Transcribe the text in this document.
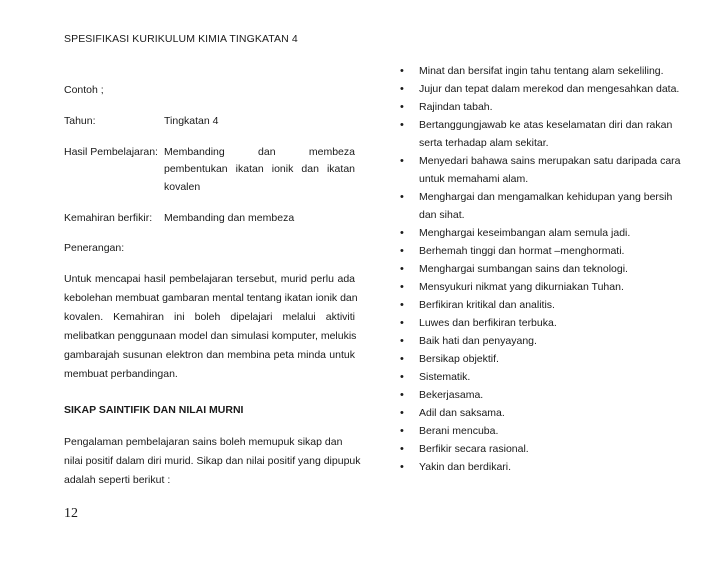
SPESIFIKASI KURIKULUM KIMIA TINGKATAN 4
Contoh ;
Tahun:	Tingkatan 4
Hasil Pembelajaran: Membanding dan membeza
pembentukan ikatan ionik dan ikatan
kovalen
Kemahiran berfikir: Membanding dan membeza
Penerangan:
Untuk mencapai hasil pembelajaran tersebut, murid perlu ada
kebolehan membuat gambaran mental tentang ikatan ionik dan
kovalen. Kemahiran ini boleh dipelajari melalui aktiviti
melibatkan penggunaan model dan simulasi komputer, melukis
gambarajah susunan elektron dan membina peta minda untuk
membuat perbandingan.
SIKAP SAINTIFIK DAN NILAI MURNI
Pengalaman pembelajaran sains boleh memupuk sikap dan
nilai positif dalam diri murid. Sikap dan nilai positif yang dipupuk
adalah seperti berikut :
• Minat dan bersifat ingin tahu tentang alam sekeliling.
• Jujur dan tepat dalam merekod dan mengesahkan data.
• Rajindan tabah.
• Bertanggungjawab ke atas keselamatan diri dan rakan
serta terhadap alam sekitar.
• Menyedari bahawa sains merupakan satu daripada cara
untuk memahami alam.
• Menghargai dan mengamalkan kehidupan yang bersih
dan sihat.
• Menghargai keseimbangan alam semula jadi.
• Berhemah tinggi dan hormat –menghormati.
• Menghargai sumbangan sains dan teknologi.
• Mensyukuri nikmat yang dikurniakan Tuhan.
• Berfikiran kritikal dan analitis.
• Luwes dan berfikiran terbuka.
• Baik hati dan penyayang.
• Bersikap objektif.
• Sistematik.
• Bekerjasama.
• Adil dan saksama.
• Berani mencuba.
• Berfikir secara rasional.
• Yakin dan berdikari.
12
